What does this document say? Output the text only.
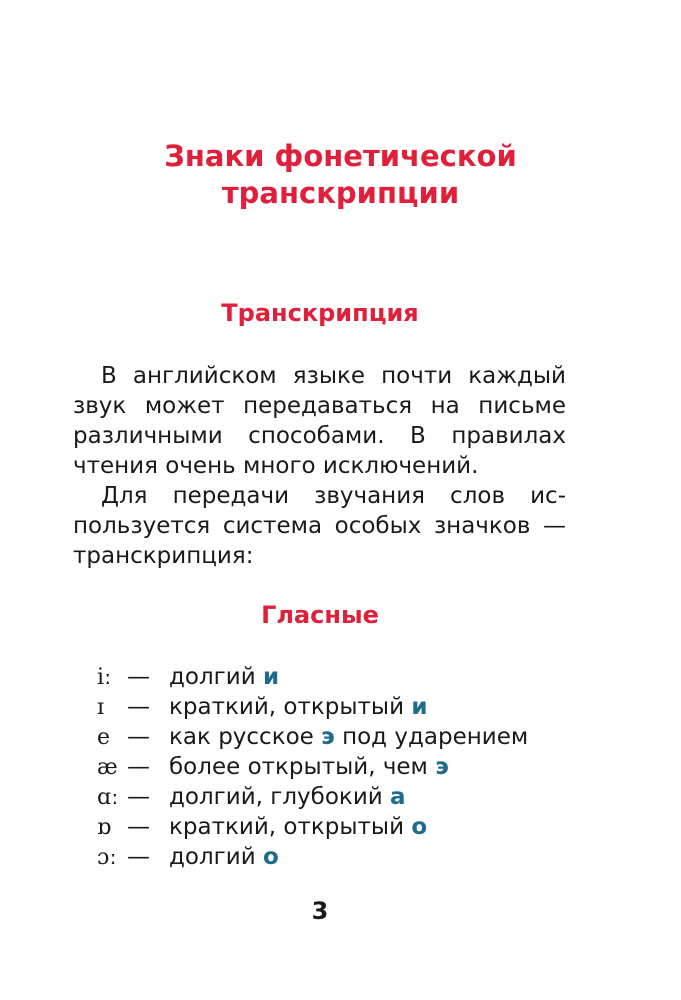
Знаки фонетической
транскрипции
Транскрипция
В английском языке почти каждый
звук может передаваться на письме
различными способами. В правилах
чтения очень много исключений.
Для передачи звучания слов ис-
пользуется система особых значков —
транскрипция:
Гласные
iː — долгий и
ɪ — краткий, открытый и
e — как русское э под ударением
æ — более открытый, чем э
ɑː — долгий, глубокий а
ɒ — краткий, открытый о
ɔː — долгий о
3
